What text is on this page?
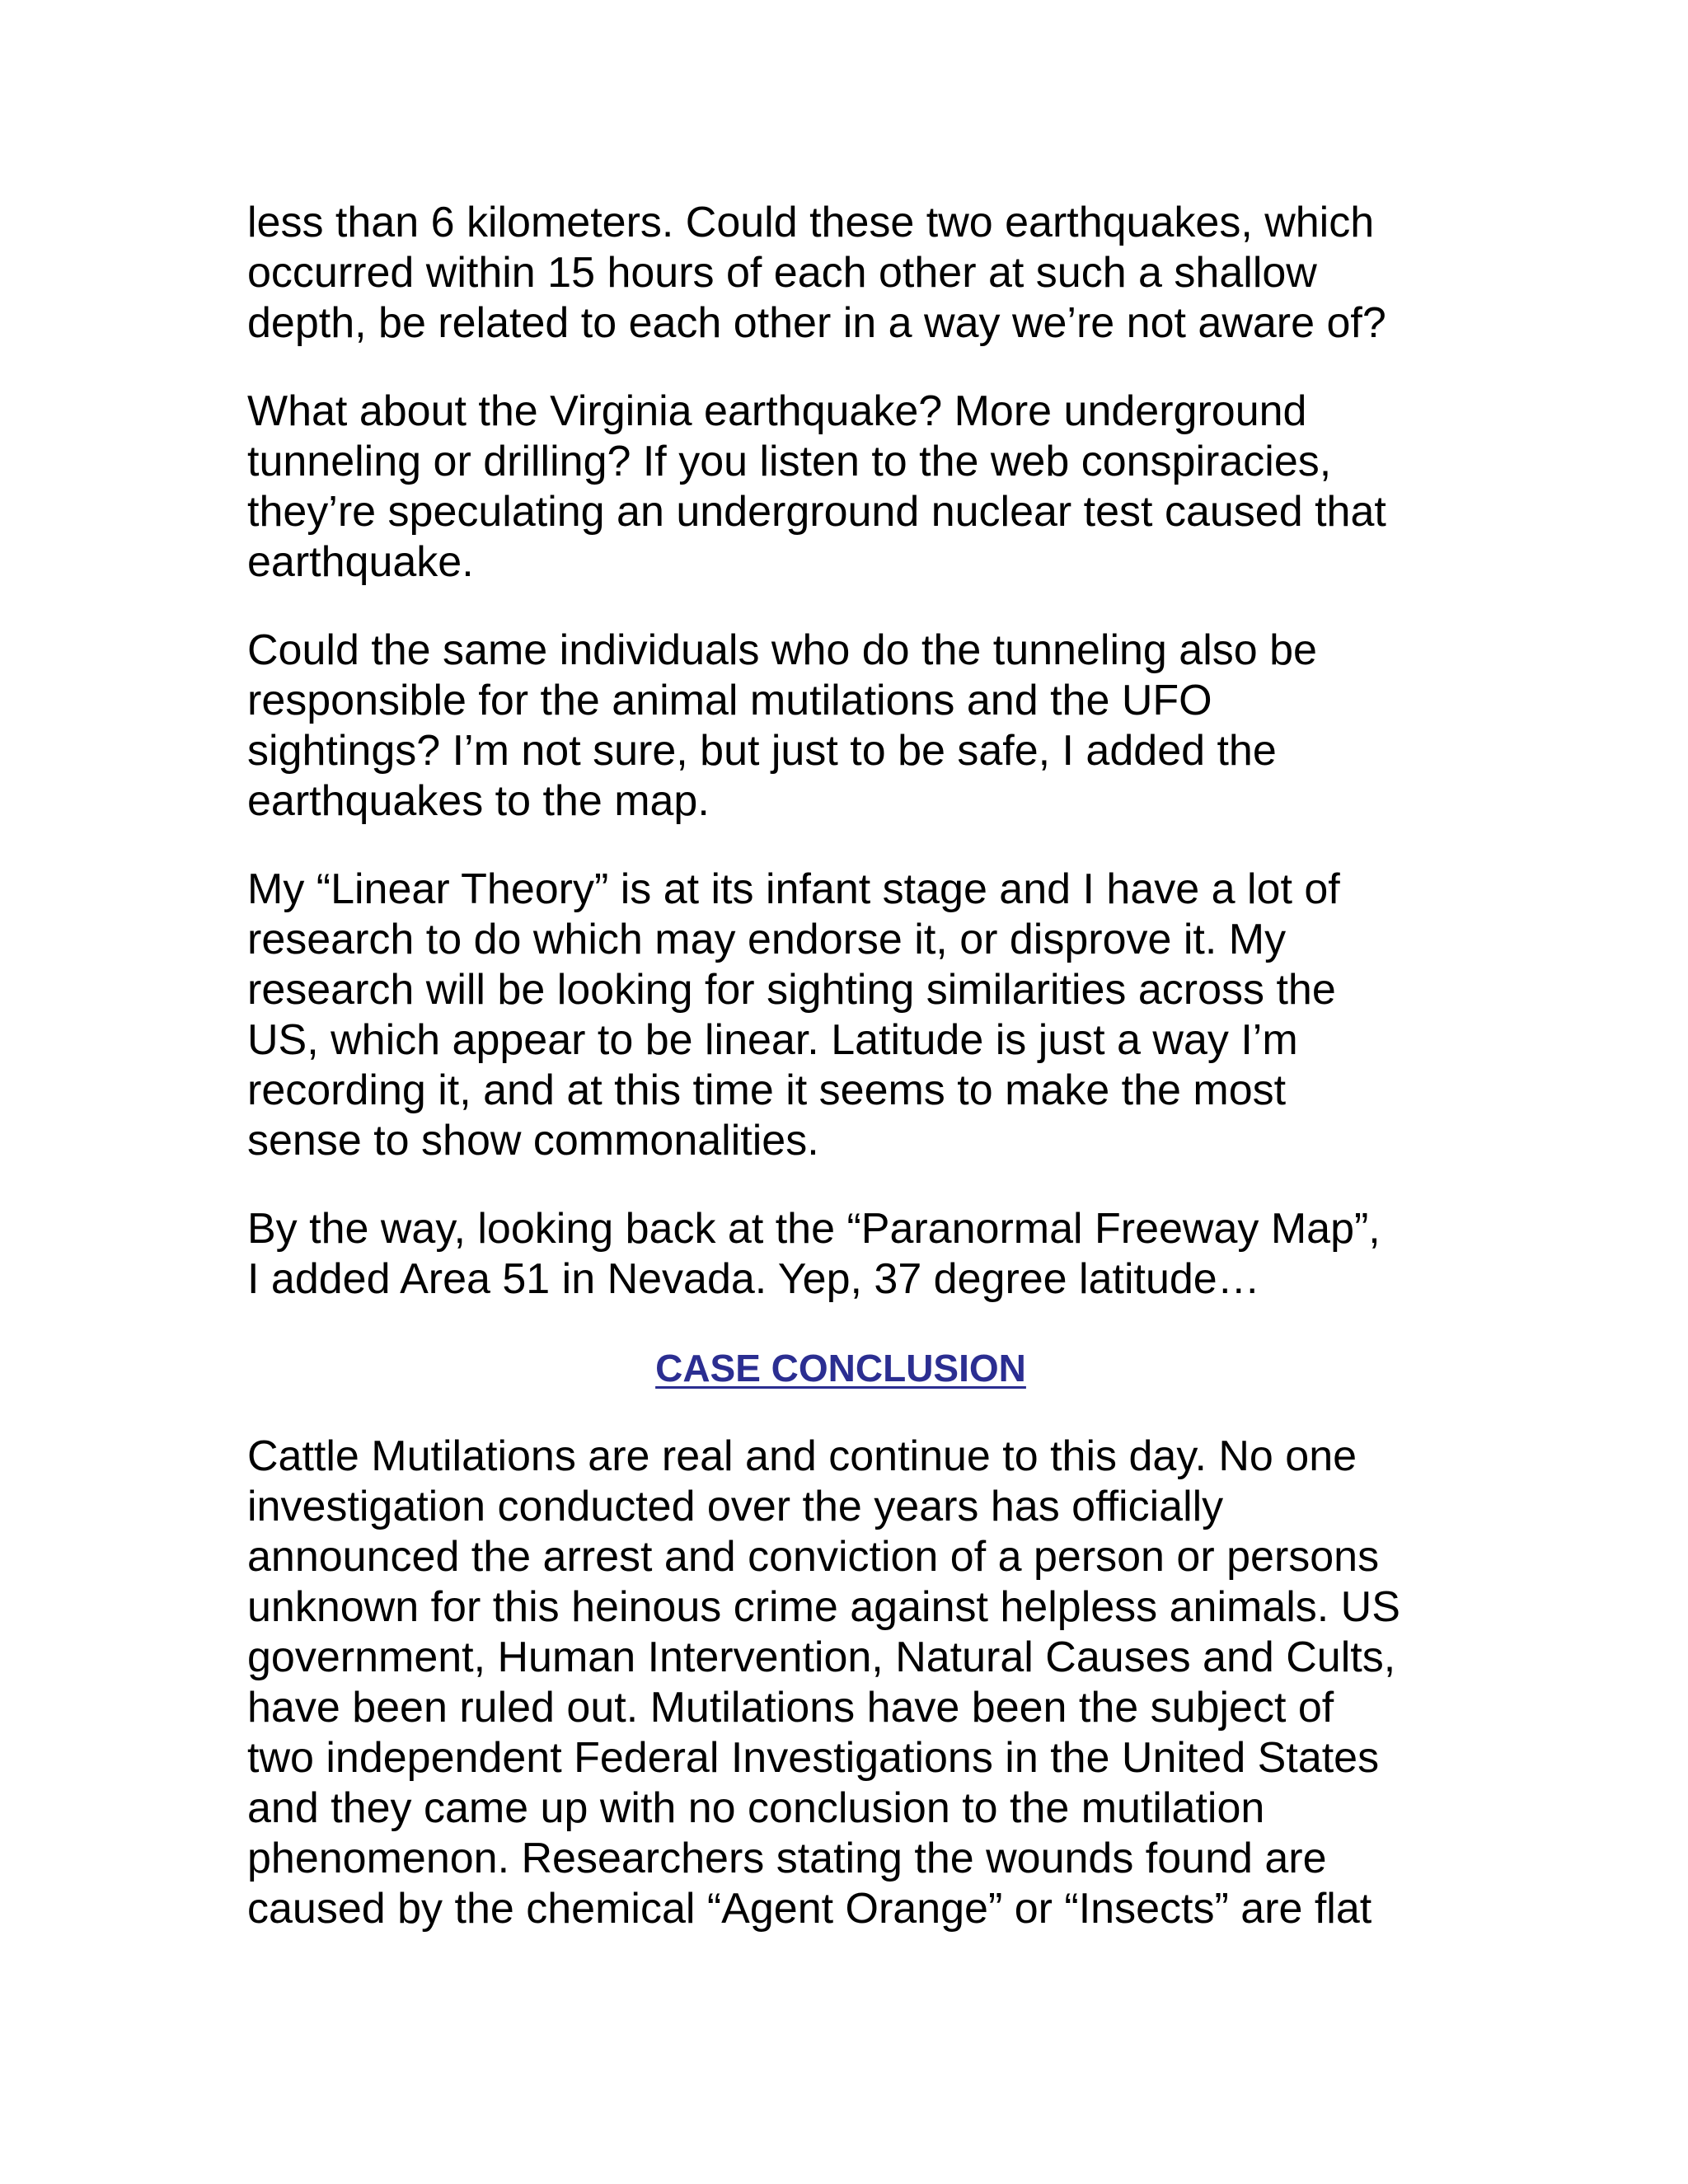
less than 6 kilometers. Could these two earthquakes, which
occurred within 15 hours of each other at such a shallow
depth, be related to each other in a way we’re not aware of?
What about the Virginia earthquake? More underground
tunneling or drilling? If you listen to the web conspiracies,
they’re speculating an underground nuclear test caused that
earthquake.
Could the same individuals who do the tunneling also be
responsible for the animal mutilations and the UFO
sightings? I’m not sure, but just to be safe, I added the
earthquakes to the map.
My “Linear Theory” is at its infant stage and I have a lot of
research to do which may endorse it, or disprove it. My
research will be looking for sighting similarities across the
US, which appear to be linear. Latitude is just a way I’m
recording it, and at this time it seems to make the most
sense to show commonalities.
By the way, looking back at the “Paranormal Freeway Map”,
I added Area 51 in Nevada. Yep, 37 degree latitude…
CASE CONCLUSION
Cattle Mutilations are real and continue to this day. No one
investigation conducted over the years has officially
announced the arrest and conviction of a person or persons
unknown for this heinous crime against helpless animals. US
government, Human Intervention, Natural Causes and Cults,
have been ruled out. Mutilations have been the subject of
two independent Federal Investigations in the United States
and they came up with no conclusion to the mutilation
phenomenon. Researchers stating the wounds found are
caused by the chemical “Agent Orange” or “Insects” are flat
